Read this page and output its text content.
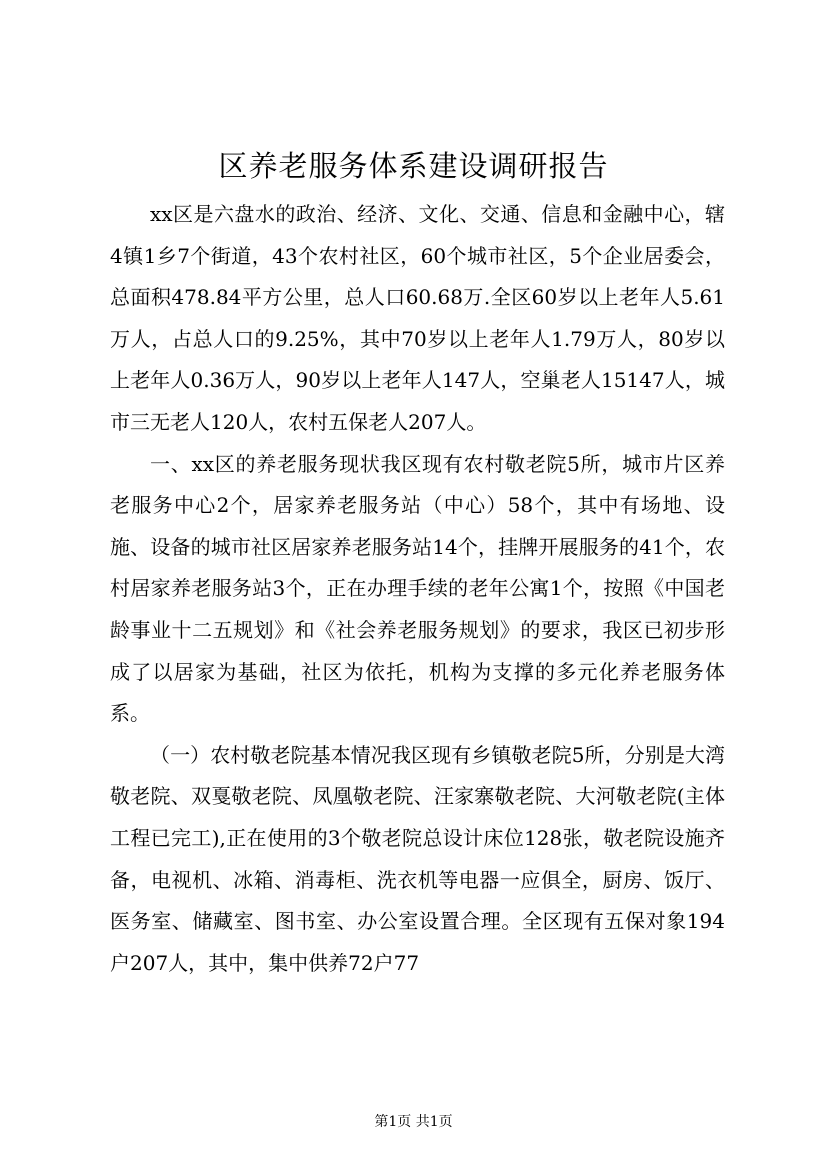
区养老服务体系建设调研报告

xx区是六盘水的政治、经济、文化、交通、信息和金融中心，辖4镇1乡7个街道，43个农村社区，60个城市社区，5个企业居委会，总面积478.84平方公里，总人口60.68万.全区60岁以上老年人5.61万人，占总人口的9.25%，其中70岁以上老年人1.79万人，80岁以上老年人0.36万人，90岁以上老年人147人，空巢老人15147人，城市三无老人120人，农村五保老人207人。

一、xx区的养老服务现状我区现有农村敬老院5所，城市片区养老服务中心2个，居家养老服务站（中心）58个，其中有场地、设施、设备的城市社区居家养老服务站14个，挂牌开展服务的41个，农村居家养老服务站3个，正在办理手续的老年公寓1个，按照《中国老龄事业十二五规划》和《社会养老服务规划》的要求，我区已初步形成了以居家为基础，社区为依托，机构为支撑的多元化养老服务体系。

（一）农村敬老院基本情况我区现有乡镇敬老院5所，分别是大湾敬老院、双戛敬老院、凤凰敬老院、汪家寨敬老院、大河敬老院(主体工程已完工),正在使用的3个敬老院总设计床位128张，敬老院设施齐备，电视机、冰箱、消毒柜、洗衣机等电器一应俱全，厨房、饭厅、医务室、储藏室、图书室、办公室设置合理。全区现有五保对象194户207人，其中，集中供养72户77

第1页 共1页
